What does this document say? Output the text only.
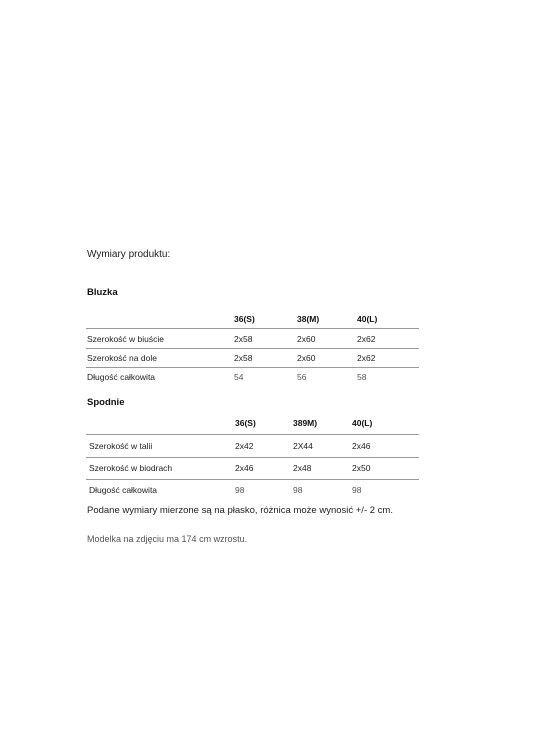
Wymiary produktu:
Bluzka
36(S)	38(M)	40(L)
Szerokość w biuście	2x58	2x60	2x62
Szerokość na dole	2x58	2x60	2x62
Długość całkowita	54	56	58
Spodnie
36(S)	389M)	40(L)
Szerokość w talii	2x42	2X44	2x46
Szerokość w biodrach	2x46	2x48	2x50
Długość całkowita	98	98	98
Podane wymiary mierzone są na płasko, różnica może wynosić +/- 2 cm.
Modelka na zdjęciu ma 174 cm wzrostu.
